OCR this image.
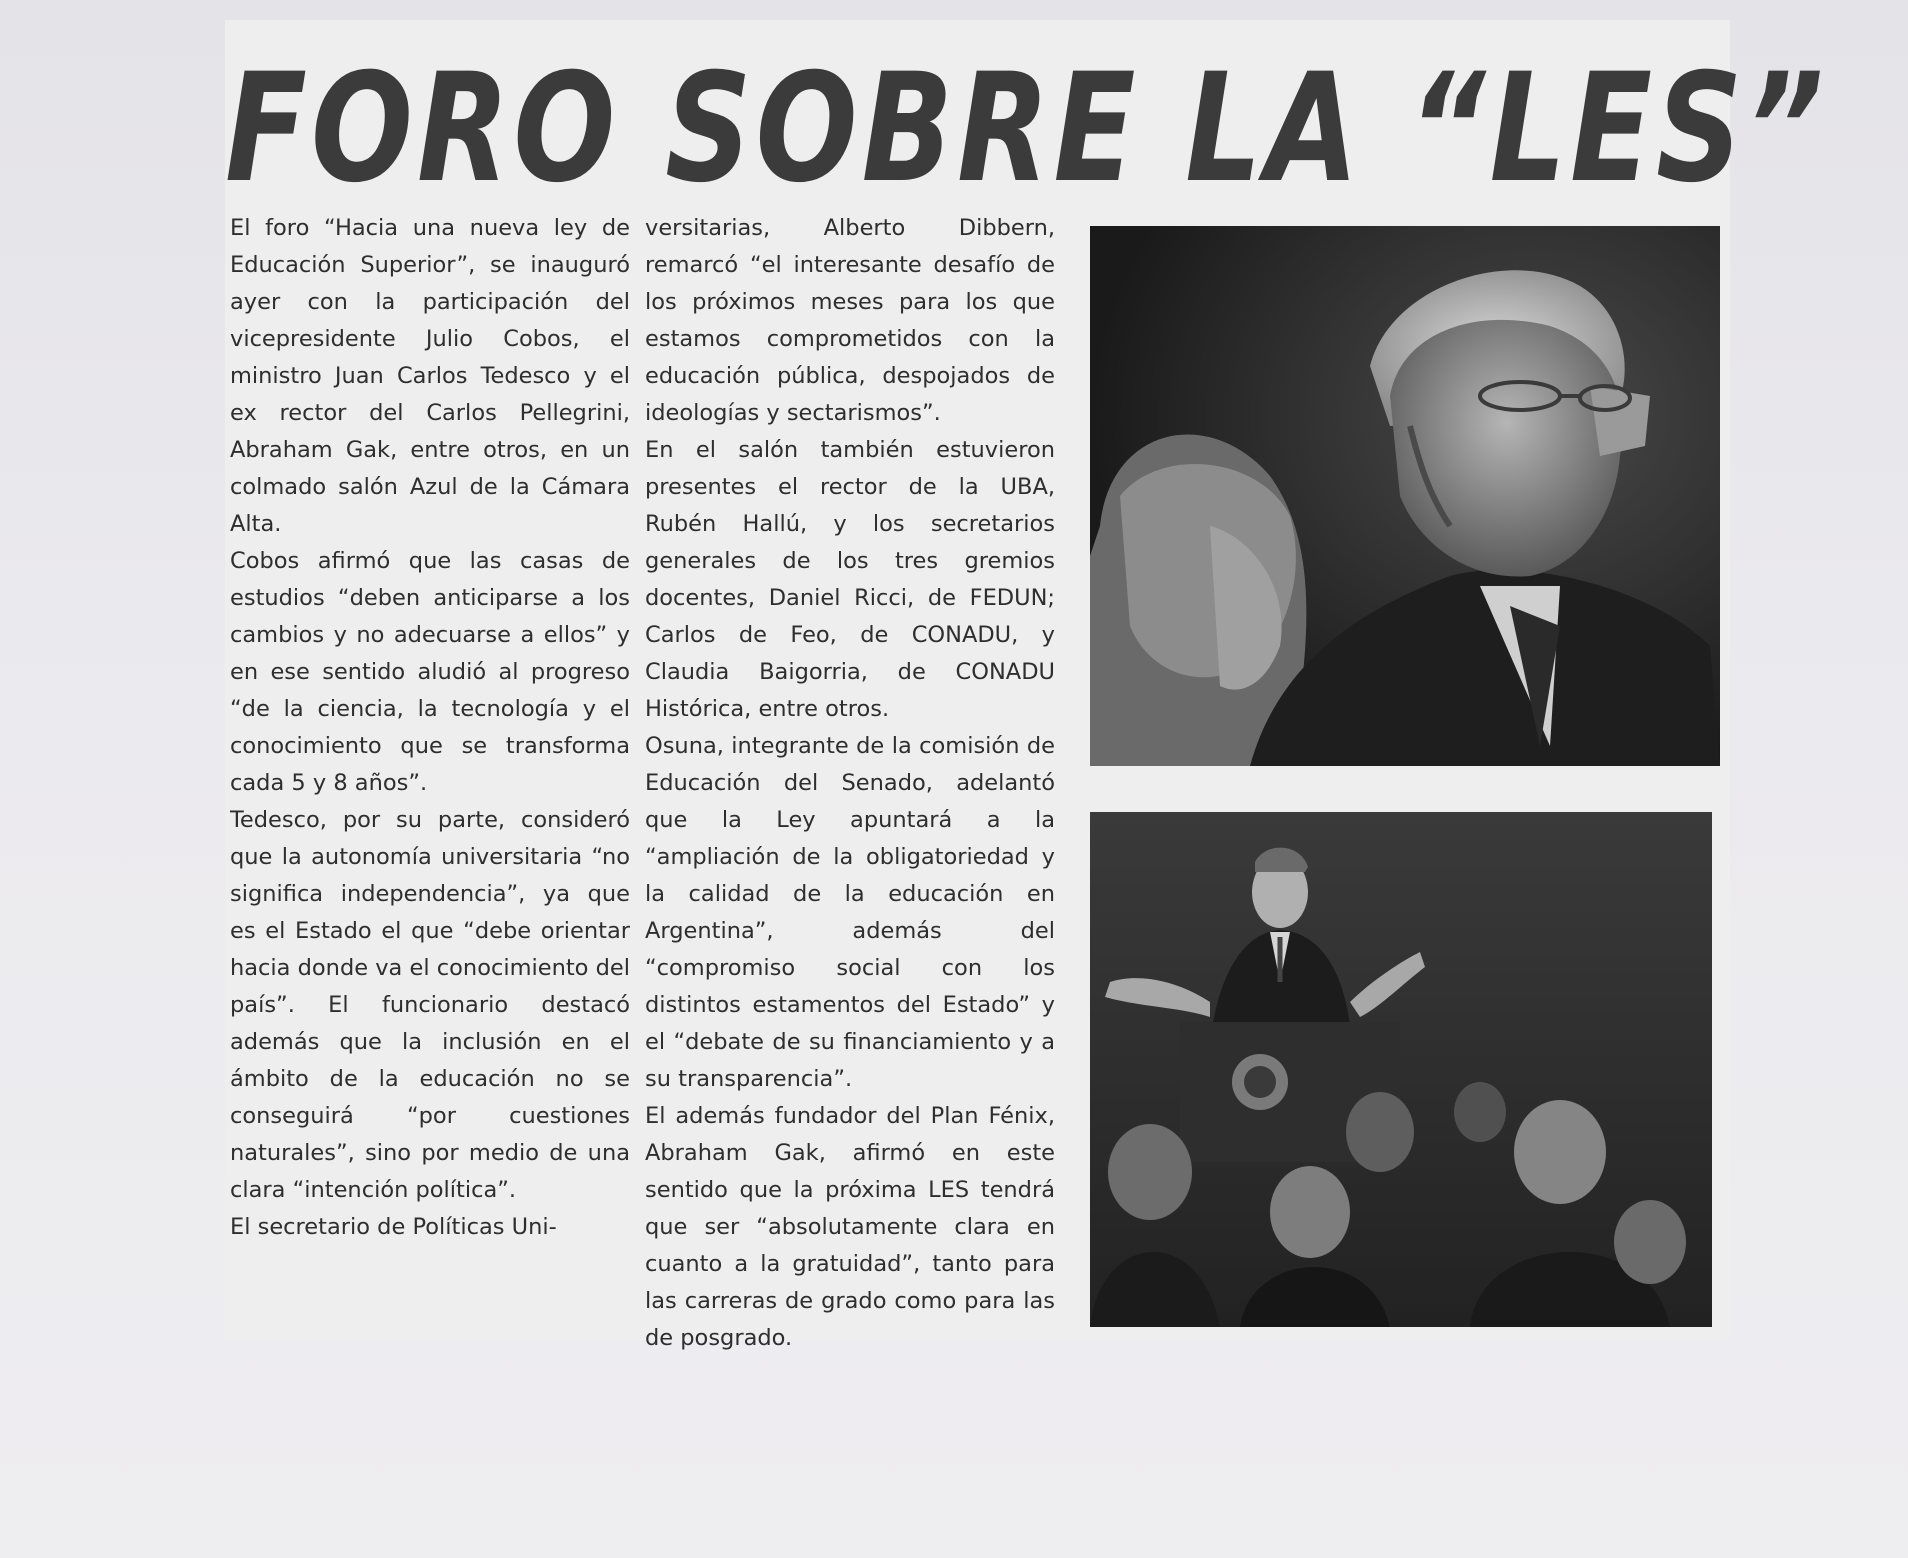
FORO SOBRE LA “LES”

El foro “Hacia una nueva ley de Educación Superior”, se inauguró ayer con la participación del vicepresidente Julio Cobos, el ministro Juan Carlos Tedesco y el ex rector del Carlos Pellegrini, Abraham Gak, entre otros, en un colmado salón Azul de la Cámara Alta.

Cobos afirmó que las casas de estudios “deben anticiparse a los cambios y no adecuarse a ellos” y en ese sentido aludió al progreso “de la ciencia, la tecnología y el conocimiento que se transforma cada 5 y 8 años”.

Tedesco, por su parte, consideró que la autonomía universitaria “no significa independencia”, ya que es el Estado el que “debe orientar hacia donde va el conocimiento del país”. El funcionario destacó además que la inclusión en el ámbito de la educación no se conseguirá “por cuestiones naturales”, sino por medio de una clara “intención política”.

El secretario de Políticas Uni-

versitarias, Alberto Dibbern, remarcó “el interesante desafío de los próximos meses para los que estamos comprometidos con la educación pública, despojados de ideologías y sectarismos”.

En el salón también estuvieron presentes el rector de la UBA, Rubén Hallú, y los secretarios generales de los tres gremios docentes, Daniel Ricci, de FEDUN; Carlos de Feo, de CONADU, y Claudia Baigorria, de CONADU Histórica, entre otros.

Osuna, integrante de la comisión de Educación del Senado, adelantó que la Ley apuntará a la “ampliación de la obligatoriedad y la calidad de la educación en Argentina”, además del “compromiso social con los distintos estamentos del Estado” y el “debate de su financiamiento y a su transparencia”.

El además fundador del Plan Fénix, Abraham Gak, afirmó en este sentido que la próxima LES tendrá que ser “absolutamente clara en cuanto a la gratuidad”, tanto para las carreras de grado como para las de posgrado.
